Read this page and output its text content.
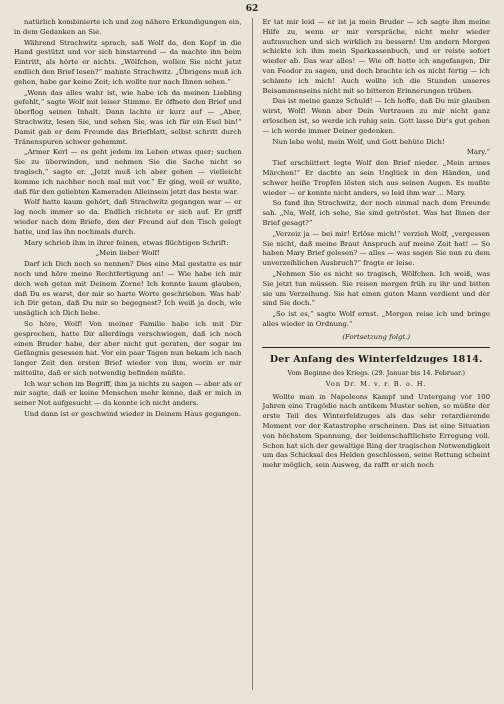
62

natürlich kombinierte ich und zog nähere Erkundigungen ein, in dem Gedanken an Sie.

Während Strachwitz sprach, saß Wolf da, den Kopf in die Hand gestützt und vor sich hinstarrend — da machte ihn beim Eintritt, als hörte er nichts. „Wölfchen, wollen Sie nicht jetzt endlich den Brief lesen?“ mahnte Strachwitz. „Übrigens muß ich gehen, habe gar keine Zeit; ich wollte nur nach Ihnen sehen.“

„Wenn das alles wahr ist, wie habe ich da meinen Liebling gefehlt,“ sagte Wolf mit leiser Stimme. Er öffnete den Brief und überflog seinen Inhalt. Dann lachte er kurz auf — „Aber, Strachwitz, lesen Sie, und sehen Sie, was ich für ein Esel bin!“ Damit gab er dem Freunde das Briefblatt, selbst schritt durch Tränenspuren schwer gehemmt.

„Armer Kerl — es geht jedem im Leben etwas quer; suchen Sie zu überwinden, und nehmen Sie die Sache nicht so tragisch,“ sagte er. „Jetzt muß ich aber gehen — vielleicht komme ich nachher noch mal mit vor.“ Er ging, weil er wußte, daß für den geliebten Kameraden Alleinsein jetzt das beste war.

Wolf hatte kaum gehört, daß Strachwitz gegangen war — er lag noch immer so da. Endlich richtete er sich auf. Er griff wieder nach dem Briefe, den der Freund auf den Tisch gelegt hatte, und las ihn nochmals durch.

Mary schrieb ihm in ihrer feinen, etwas flüchtigen Schrift:

„Mein lieber Wolf!

Darf ich Dich noch so nennen? Dies eine Mal gestatte es mir noch und höre meine Rechtfertigung an! — Wie habe ich mir doch weh getan mit Deinem Zorne! Ich konnte kaum glauben, daß Du es warst, der mir so harte Worte geschrieben. Was hab' ich Dir getan, daß Du mir so begegnest? Ich weiß ja doch, wie unsäglich ich Dich liebe.

So höre, Wolf! Von meiner Familie habe ich mit Dir gesprochen, hatte Dir allerdings verschwiegen, daß ich noch einen Bruder habe, der aber nicht gut geraten, der sogar im Gefängnis gesessen hat. Vor ein paar Tagen nun bekam ich nach langer Zeit den ersten Brief wieder von ihm, worin er mir mitteilte, daß er sich notwendig befinden müßte.

Ich war schon im Begriff, ihm ja nichts zu sagen — aber als er mir sagte, daß er keine Menschen mehr kenne, daß er mich in seiner Not aufgesucht — da konnte ich nicht anders.

Und dann ist er geschwind wieder in Deinem Haus gegangen.

Er tat mir leid — er ist ja mein Bruder — ich sagte ihm meine Hilfe zu, wenn er mir verspräche, nicht mehr wieder aufzusuchen und sich wirklich zu bessern! Um andern Morgen schickte ich ihm mein Sparkassenbuch, und er reiste sofort wieder ab. Das war alles! — Wie oft hatte ich angefangen, Dir von Feodor zu sagen, und doch brachte ich es nicht fertig — ich schämte ich mich! Auch wollte ich die Stunden unseres Beisammenseins nicht mit so bitteren Erinnerungen trüben.

Das ist meine ganze Schuld! — Ich hoffe, daß Du mir glauben wirst, Wolf! Wenn aber Dein Vertrauen zu mir nicht ganz erloschen ist, so werde ich ruhig sein. Gott lasse Dir's gut gehen — ich werde immer Deiner gedenken.

Nun lebe wohl, mein Wolf, und Gott behüte Dich!

Mary.“

Tief erschüttert legte Wolf den Brief nieder. „Mein armes Märchen!“ Er dachte an sein Unglück in den Händen, und schwer heiße Tropfen lösten sich aus seinen Augen. Es mußte wieder — er konnte nicht anders, so leid ihm war ... Mary.

So fand ihn Strachwitz, der noch einmal nach dem Freunde sah. „Na, Wolf, ich sehe, Sie sind getröstet. Was hat Ihnen der Brief gesagt?“

„Verzeiz ja — bei mir! Erlöse mich!“ verzieh Wolf, „vergessen Sie nicht, daß meine Braut Anspruch auf meine Zeit hat! — So haben Mary Brief gelesen? — alles — was sagen Sie nun zu dem unverzeihlichen Ausbruch?“ fragte er leise.

„Nehmen Sie es nicht so tragisch, Wölfchen. Ich weiß, was Sie jetzt tun müssen. Sie reisen morgen früh zu ihr und bitten sie um Verzeihung. Sie hat einen guten Mann verdient und der sind Sie doch.“

„So ist es,“ sagte Wolf ernst. „Morgen reise ich und bringe alles wieder in Ordnung.“

(Fortsetzung folgt.)
Der Anfang des Winterfeldzuges 1814.
Vom Beginne des Kriegs. (29. Januar bis 14. Februar.)
Von Dr. M. v. r. B. o. H.

Wollte man in Napoleons Kampf und Untergang vor 100 Jahren eine Tragödie nach antikem Muster sehen, so müßte der erste Teil des Winterfeldzuges als das sehr retardierende Moment vor der Katastrophe erscheinen. Das ist eine Situation von höchstem Spannung, der leidenschaftlichste Erregung voll. Schon hat sich der gewaltige Ring der tragischen Notwendigkeit um das Schicksal des Helden geschlossen, seine Rettung scheint mehr möglich, sein Ausweg, da rafft er sich noch
